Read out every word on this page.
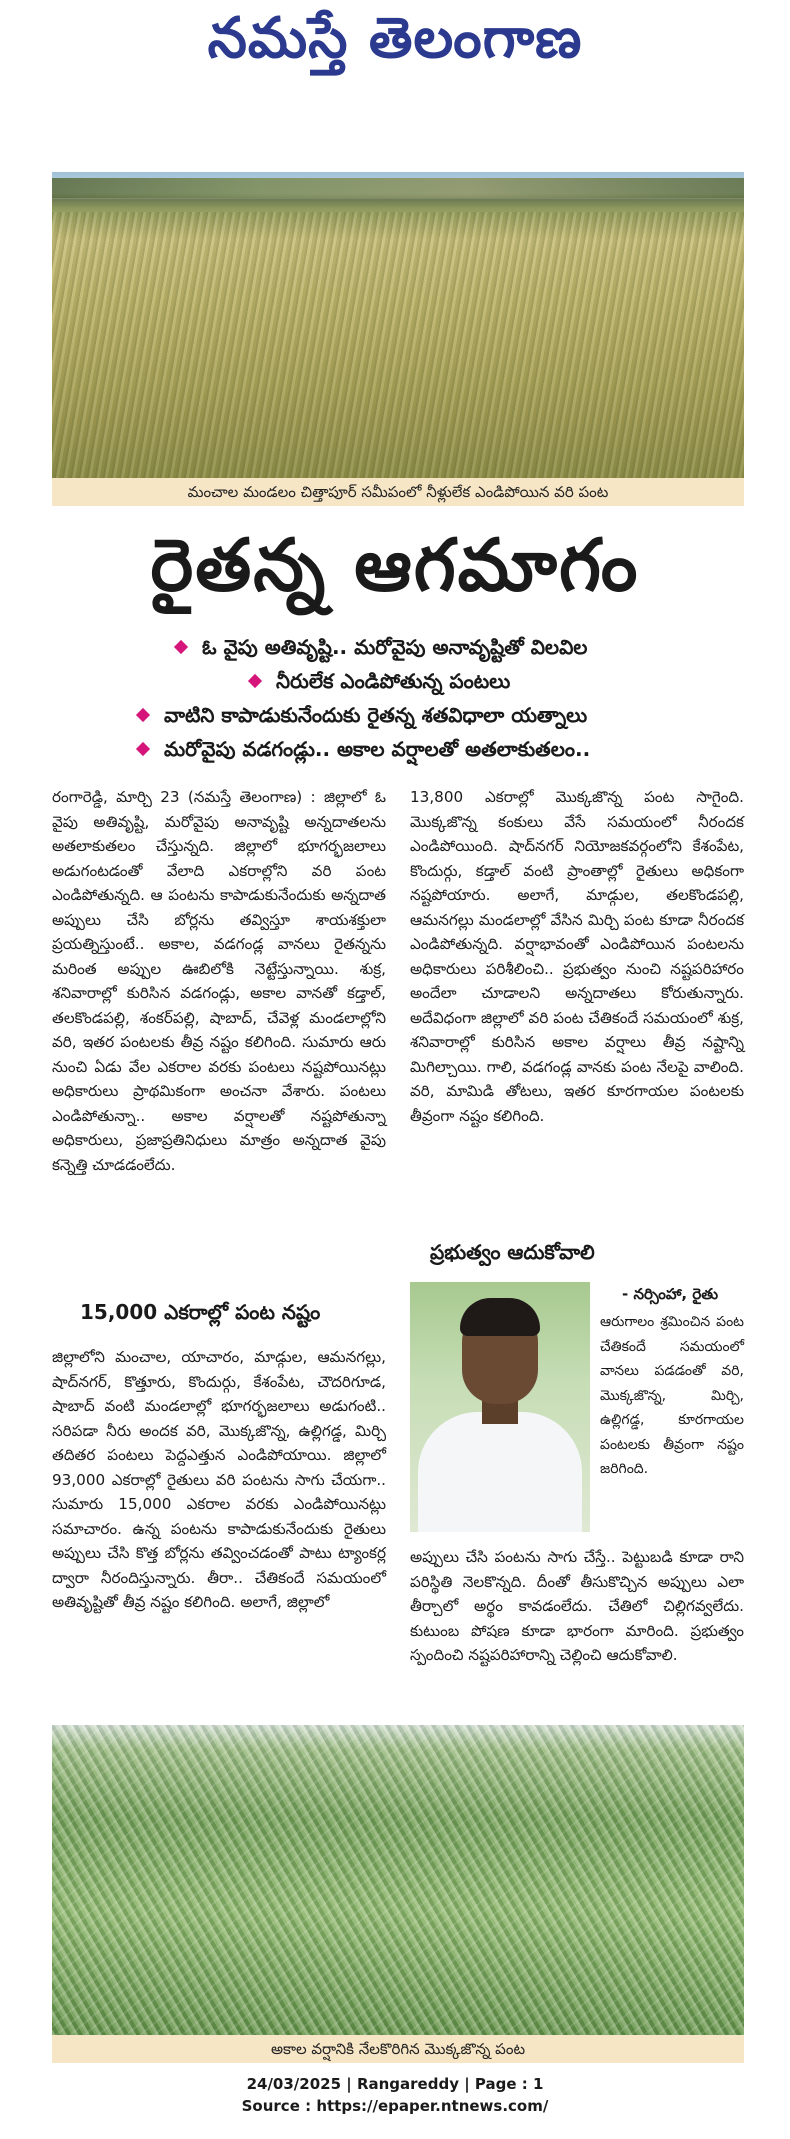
నమస్తే తెలంగాణ
మంచాల మండలం చిత్తాపూర్ సమీపంలో నీళ్లులేక ఎండిపోయిన వరి పంట
రైతన్న ఆగమాగం
ఓ వైపు అతివృష్టి.. మరోవైపు అనావృష్టితో విలవిల
నీరులేక ఎండిపోతున్న పంటలు
వాటిని కాపాడుకునేందుకు రైతన్న శతవిధాలా యత్నాలు
మరోవైపు వడగండ్లు.. అకాల వర్షాలతో అతలాకుతలం..

రంగారెడ్డి, మార్చి 23 (నమస్తే తెలంగాణ) : జిల్లాలో ఓ వైపు అతివృష్టి, మరోవైపు అనావృష్టి అన్నదాతలను అతలాకుతలం చేస్తున్నది. జిల్లాలో భూగర్భజలాలు అడుగంటడంతో వేలాది ఎకరాల్లోని వరి పంట ఎండిపోతున్నది. ఆ పంటను కాపాడుకునేందుకు అన్నదాత అప్పులు చేసి బోర్లను తవ్విస్తూ శాయశక్తులా ప్రయత్నిస్తుంటే.. అకాల, వడగండ్ల వానలు రైతన్నను మరింత అప్పుల ఊబిలోకి నెట్టేస్తున్నాయి. శుక్ర, శనివారాల్లో కురిసిన వడగండ్లు, అకాల వానతో కడ్తాల్, తలకొండపల్లి, శంకర్‌పల్లి, షాబాద్, చేవెళ్ల మండలాల్లోని వరి, ఇతర పంటలకు తీవ్ర నష్టం కలిగింది. సుమారు ఆరు నుంచి ఏడు వేల ఎకరాల వరకు పంటలు నష్టపోయినట్లు అధికారులు ప్రాథమికంగా అంచనా వేశారు. పంటలు ఎండిపోతున్నా.. అకాల వర్షాలతో నష్టపోతున్నా అధికారులు, ప్రజాప్రతినిధులు మాత్రం అన్నదాత వైపు కన్నెత్తి చూడడంలేదు.

15,000 ఎకరాల్లో పంట నష్టం

జిల్లాలోని మంచాల, యాచారం, మాడ్గుల, ఆమనగల్లు, షాద్‌నగర్, కొత్తూరు, కొందుర్గు, కేశంపేట, చౌదరిగూడ, షాబాద్ వంటి మండలాల్లో భూగర్భజలాలు అడుగంటి.. సరిపడా నీరు అందక వరి, మొక్కజొన్న, ఉల్లిగడ్డ, మిర్చి తదితర పంటలు పెద్దఎత్తున ఎండిపోయాయి. జిల్లాలో 93,000 ఎకరాల్లో రైతులు వరి పంటను సాగు చేయగా.. సుమారు 15,000 ఎకరాల వరకు ఎండిపోయినట్లు సమాచారం. ఉన్న పంటను కాపాడుకునేందుకు రైతులు అప్పులు చేసి కొత్త బోర్లను తవ్వించడంతో పాటు ట్యాంకర్ల ద్వారా నీరందిస్తున్నారు. తీరా.. చేతికందే సమయంలో అతివృష్టితో తీవ్ర నష్టం కలిగింది. అలాగే, జిల్లాలో

13,800 ఎకరాల్లో మొక్కజొన్న పంట సాగైంది. మొక్కజొన్న కంకులు వేసే సమయంలో నీరందక ఎండిపోయింది. షాద్‌నగర్ నియోజకవర్గంలోని కేశంపేట, కొందుర్గు, కడ్తాల్ వంటి ప్రాంతాల్లో రైతులు అధికంగా నష్టపోయారు. అలాగే, మాడ్గుల, తలకొండపల్లి, ఆమనగల్లు మండలాల్లో వేసిన మిర్చి పంట కూడా నీరందక ఎండిపోతున్నది. వర్షాభావంతో ఎండిపోయిన పంటలను అధికారులు పరిశీలించి.. ప్రభుత్వం నుంచి నష్టపరిహారం అందేలా చూడాలని అన్నదాతలు కోరుతున్నారు. అదేవిధంగా జిల్లాలో వరి పంట చేతికందే సమయంలో శుక్ర, శనివారాల్లో కురిసిన అకాల వర్షాలు తీవ్ర నష్టాన్ని మిగిల్చాయి. గాలి, వడగండ్ల వానకు పంట నేలపై వాలింది. వరి, మామిడి తోటలు, ఇతర కూరగాయల పంటలకు తీవ్రంగా నష్టం కలిగింది.

ప్రభుత్వం ఆదుకోవాలి
- నర్సింహా, రైతు

ఆరుగాలం శ్రమించిన పంట చేతికందే సమయంలో వానలు పడడంతో వరి, మొక్కజొన్న, మిర్చి, ఉల్లిగడ్డ, కూరగాయల పంటలకు తీవ్రంగా నష్టం జరిగింది.

అప్పులు చేసి పంటను సాగు చేస్తే.. పెట్టుబడి కూడా రాని పరిస్థితి నెలకొన్నది. దీంతో తీసుకొచ్చిన అప్పులు ఎలా తీర్చాలో అర్థం కావడంలేదు. చేతిలో చిల్లిగవ్వలేదు. కుటుంబ పోషణ కూడా భారంగా మారింది. ప్రభుత్వం స్పందించి నష్టపరిహారాన్ని చెల్లించి ఆదుకోవాలి.

అకాల వర్షానికి నేలకొరిగిన మొక్కజొన్న పంట
24/03/2025 | Rangareddy | Page : 1
Source : https://epaper.ntnews.com/
